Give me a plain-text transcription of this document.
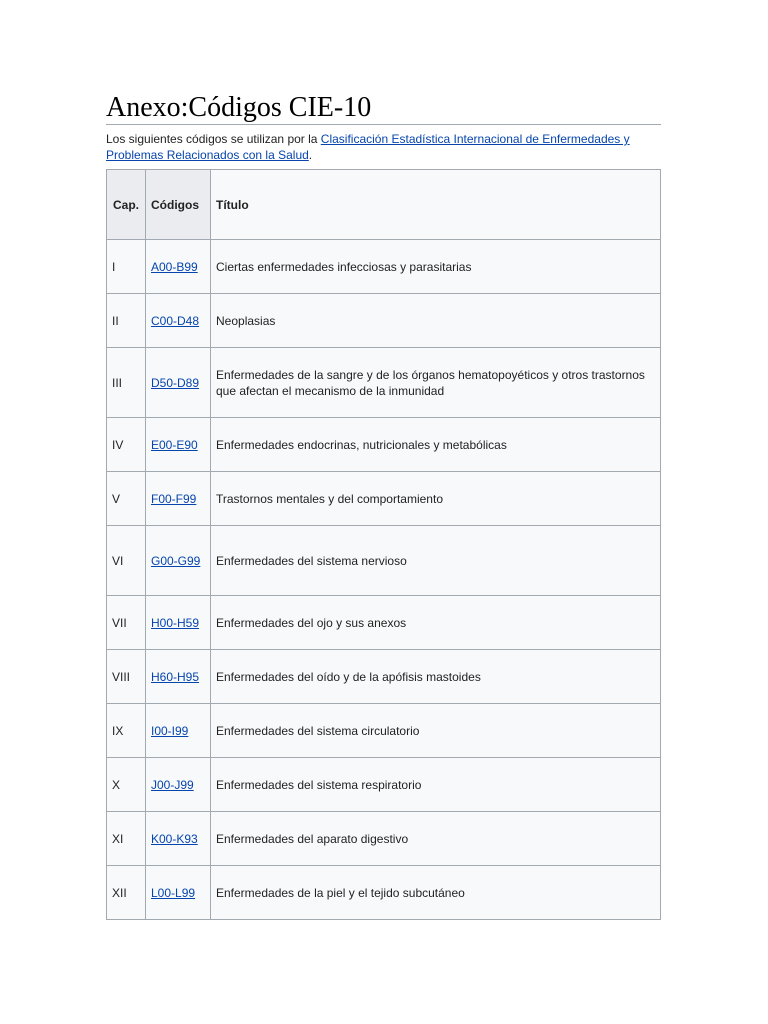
Anexo:Códigos CIE-10

Los siguientes códigos se utilizan por la Clasificación Estadística Internacional de Enfermedades y Problemas Relacionados con la Salud.

Cap.	Códigos	Título
I	A00-B99	Ciertas enfermedades infecciosas y parasitarias
II	C00-D48	Neoplasias
III	D50-D89	Enfermedades de la sangre y de los órganos hematopoyéticos y otros trastornos que afectan el mecanismo de la inmunidad
IV	E00-E90	Enfermedades endocrinas, nutricionales y metabólicas
V	F00-F99	Trastornos mentales y del comportamiento
VI	G00-G99	Enfermedades del sistema nervioso
VII	H00-H59	Enfermedades del ojo y sus anexos
VIII	H60-H95	Enfermedades del oído y de la apófisis mastoides
IX	I00-I99	Enfermedades del sistema circulatorio
X	J00-J99	Enfermedades del sistema respiratorio
XI	K00-K93	Enfermedades del aparato digestivo
XII	L00-L99	Enfermedades de la piel y el tejido subcutáneo
